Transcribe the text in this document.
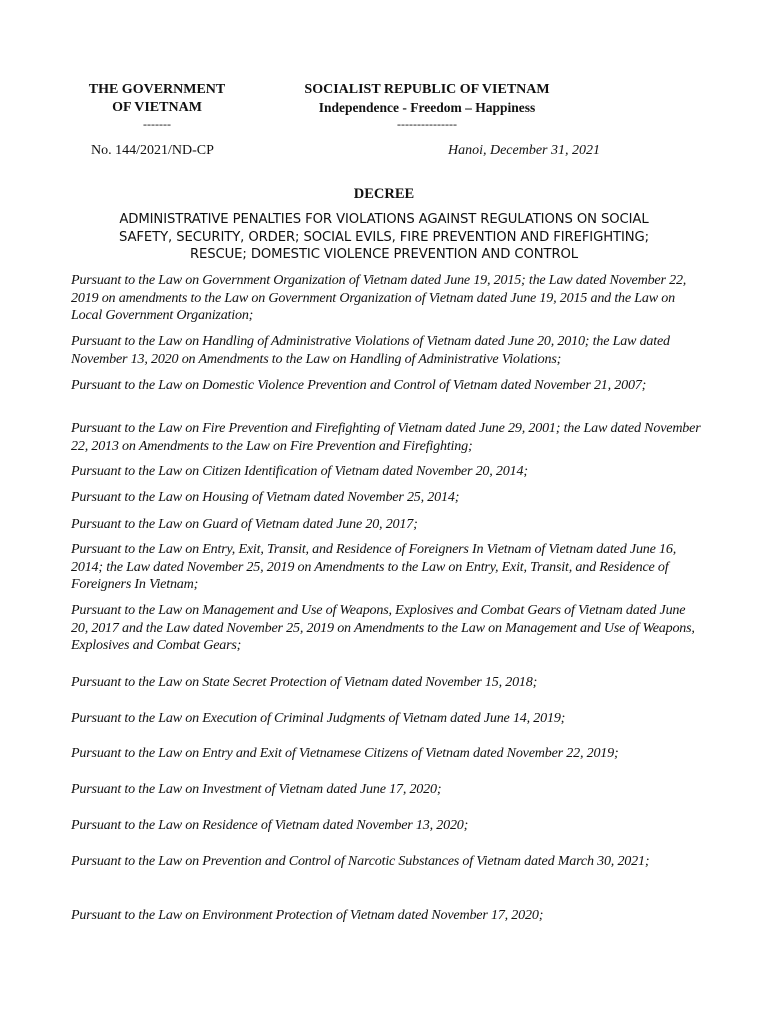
THE GOVERNMENT
OF VIETNAM
-------
SOCIALIST REPUBLIC OF VIETNAM
Independence - Freedom – Happiness
---------------
No. 144/2021/ND-CP	Hanoi, December 31, 2021
DECREE
ADMINISTRATIVE PENALTIES FOR VIOLATIONS AGAINST REGULATIONS ON SOCIAL
SAFETY, SECURITY, ORDER; SOCIAL EVILS, FIRE PREVENTION AND FIREFIGHTING;
RESCUE; DOMESTIC VIOLENCE PREVENTION AND CONTROL
Pursuant to the Law on Government Organization of Vietnam dated June 19, 2015; the Law dated November 22, 2019 on amendments to the Law on Government Organization of Vietnam dated June 19, 2015 and the Law on Local Government Organization;
Pursuant to the Law on Handling of Administrative Violations of Vietnam dated June 20, 2010; the Law dated November 13, 2020 on Amendments to the Law on Handling of Administrative Violations;
Pursuant to the Law on Domestic Violence Prevention and Control of Vietnam dated November 21, 2007;
Pursuant to the Law on Fire Prevention and Firefighting of Vietnam dated June 29, 2001; the Law dated November 22, 2013 on Amendments to the Law on Fire Prevention and Firefighting;
Pursuant to the Law on Citizen Identification of Vietnam dated November 20, 2014;
Pursuant to the Law on Housing of Vietnam dated November 25, 2014;
Pursuant to the Law on Guard of Vietnam dated June 20, 2017;
Pursuant to the Law on Entry, Exit, Transit, and Residence of Foreigners In Vietnam of Vietnam dated June 16, 2014; the Law dated November 25, 2019 on Amendments to the Law on Entry, Exit, Transit, and Residence of Foreigners In Vietnam;
Pursuant to the Law on Management and Use of Weapons, Explosives and Combat Gears of Vietnam dated June 20, 2017 and the Law dated November 25, 2019 on Amendments to the Law on Management and Use of Weapons, Explosives and Combat Gears;
Pursuant to the Law on State Secret Protection of Vietnam dated November 15, 2018;
Pursuant to the Law on Execution of Criminal Judgments of Vietnam dated June 14, 2019;
Pursuant to the Law on Entry and Exit of Vietnamese Citizens of Vietnam dated November 22, 2019;
Pursuant to the Law on Investment of Vietnam dated June 17, 2020;
Pursuant to the Law on Residence of Vietnam dated November 13, 2020;
Pursuant to the Law on Prevention and Control of Narcotic Substances of Vietnam dated March 30, 2021;
Pursuant to the Law on Environment Protection of Vietnam dated November 17, 2020;
